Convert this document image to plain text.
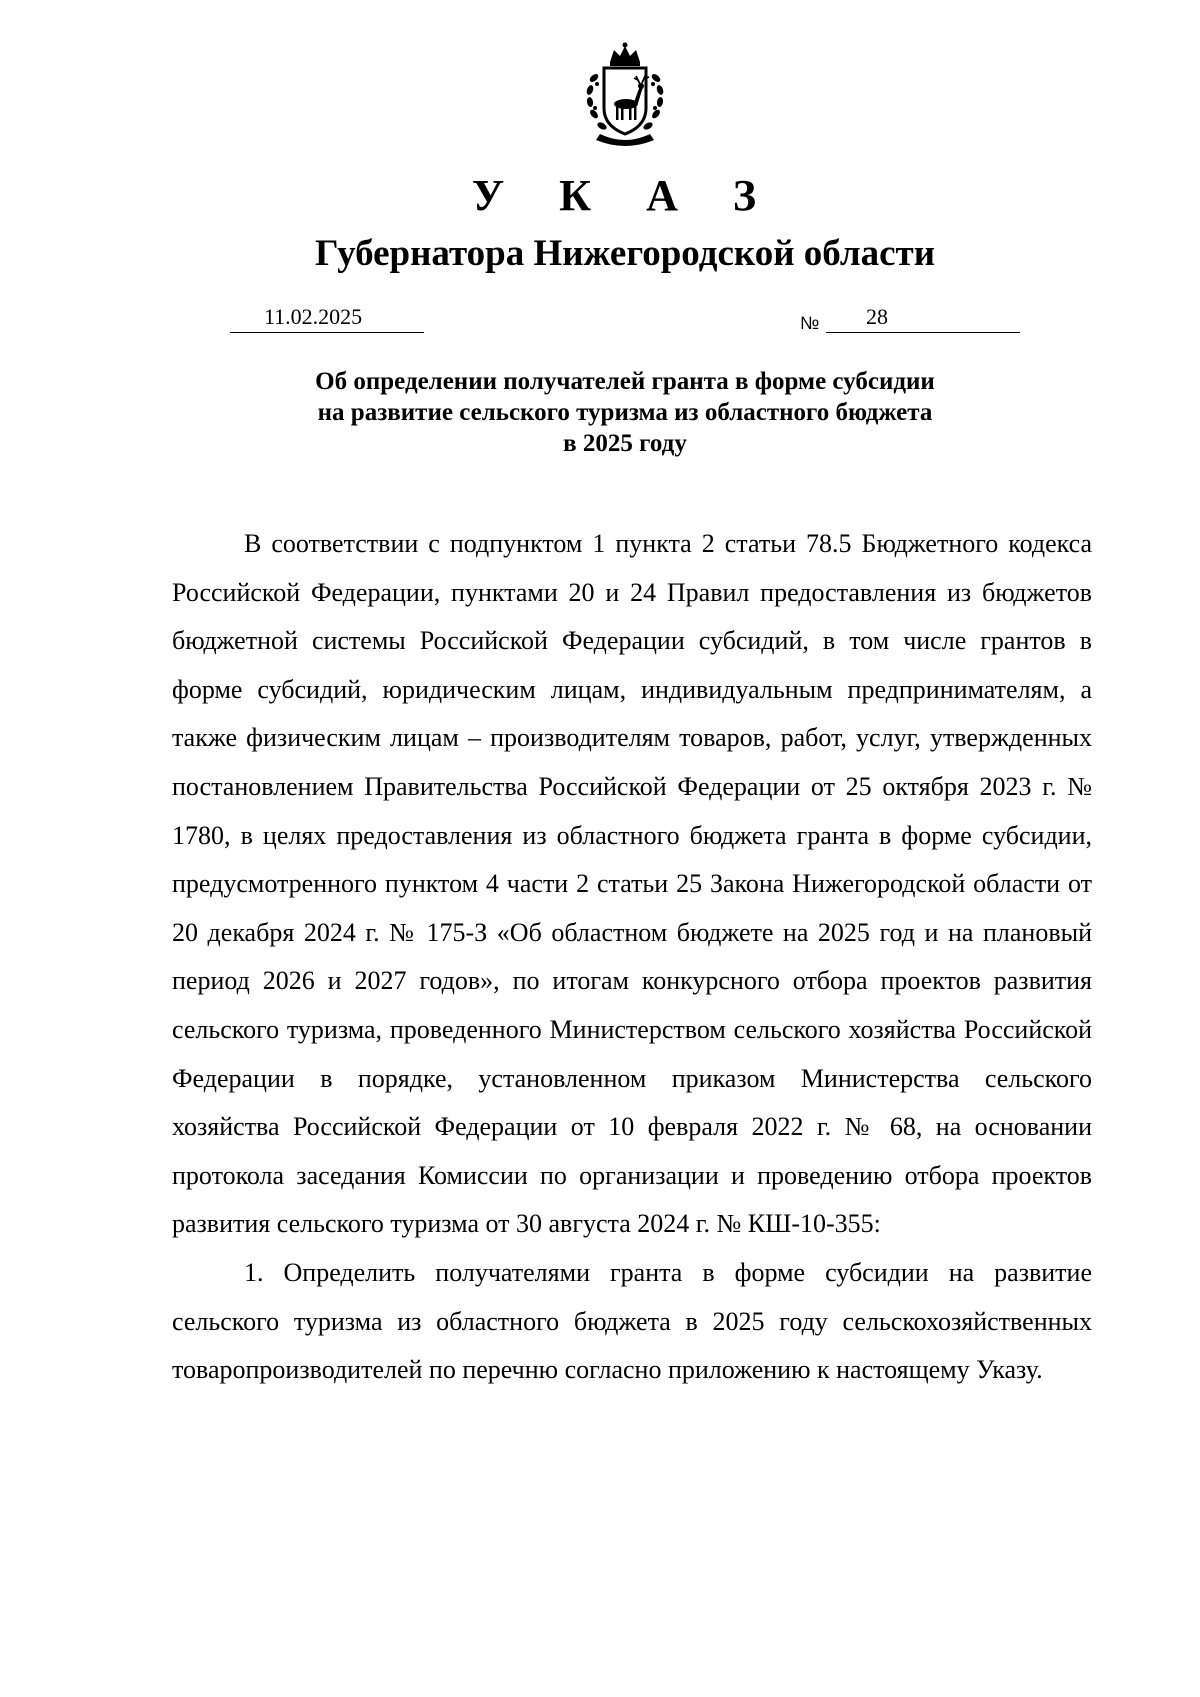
У К А З
Губернатора Нижегородской области
11.02.2025	№ 28
Об определении получателей гранта в форме субсидии
на развитие сельского туризма из областного бюджета
в 2025 году

В соответствии с подпунктом 1 пункта 2 статьи 78.5 Бюджетного кодекса Российской Федерации, пунктами 20 и 24 Правил предоставления из бюджетов бюджетной системы Российской Федерации субсидий, в том числе грантов в форме субсидий, юридическим лицам, индивидуальным предпринимателям, а также физическим лицам – производителям товаров, работ, услуг, утвержденных постановлением Правительства Российской Федерации от 25 октября 2023 г. № 1780, в целях предоставления из областного бюджета гранта в форме субсидии, предусмотренного пунктом 4 части 2 статьи 25 Закона Нижегородской области от 20 декабря 2024 г. № 175-З «Об областном бюджете на 2025 год и на плановый период 2026 и 2027 годов», по итогам конкурсного отбора проектов развития сельского туризма, проведенного Министерством сельского хозяйства Российской Федерации в порядке, установленном приказом Министерства сельского хозяйства Российской Федерации от 10 февраля 2022 г. № 68, на основании протокола заседания Комиссии по организации и проведению отбора проектов развития сельского туризма от 30 августа 2024 г. № КШ-10-355:

1. Определить получателями гранта в форме субсидии на развитие сельского туризма из областного бюджета в 2025 году сельскохозяйственных товаропроизводителей по перечню согласно приложению к настоящему Указу.
